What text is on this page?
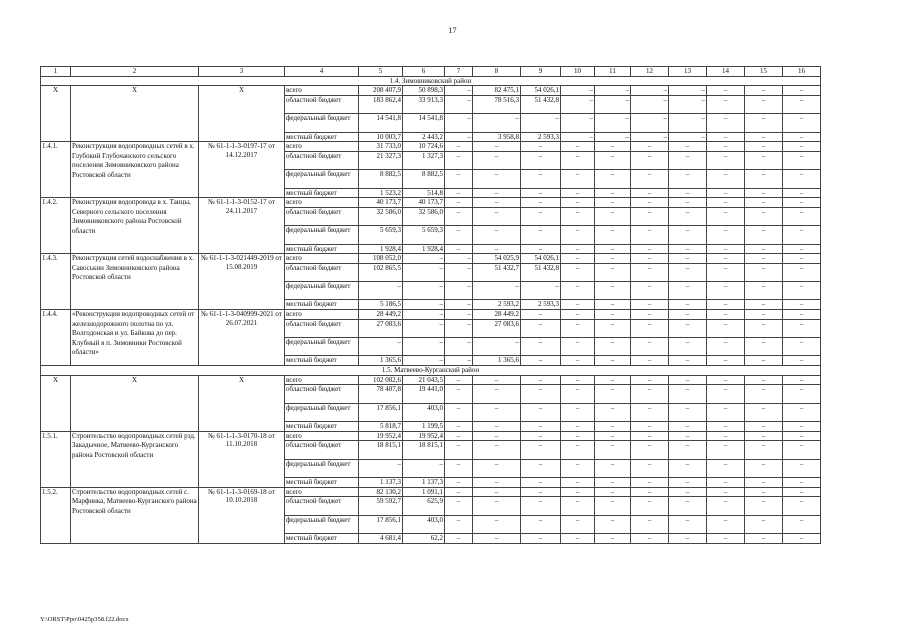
17
1	2	3	4	5	6	7	8	9	10	11	12	13	14	15	16
1.4. Зимовниковский район															
Х	Х	Х	всего	208 407,9	50 898,3	–	82 475,1	54 026,1	–	–	–	–	–	–	–
			областной бюджет	183 862,4	33 913,3	–	78 516,3	51 432,8	–	–	–	–	–	–	–
			федеральный бюджет	14 541,8	14 541,8	–	–	–	–	–	–	–	–	–	–
			местный бюджет	10 003,7	2 443,2	–	3 958,8	2 593,3	–	–	–	–	–	–	–
1.4.1.	Реконструкция водопроводных сетей в х. Глубокий Глубочанского сельского поселения Зимовниковского района Ростовской области	№ 61-1-1-3-0197-17 от 14.12.2017	всего	31 733,0	10 724,6	–	–	–	–	–	–	–	–	–	–
			областной бюджет	21 327,3	1 327,3	–	–	–	–	–	–	–	–	–	–
			федеральный бюджет	8 882,5	8 882,5	–	–	–	–	–	–	–	–	–	–
			местный бюджет	1 523,2	514,8	–	–	–	–	–	–	–	–	–	–
1.4.2.	Реконструкция водопровода в х. Танцы, Северного сельского поселения Зимовниковского района Ростовской области	№ 61-1-1-3-0152-17 от 24.11.2017	всего	40 173,7	40 173,7	–	–	–	–	–	–	–	–	–	–
			областной бюджет	32 586,0	32 586,0	–	–	–	–	–	–	–	–	–	–
			федеральный бюджет	5 659,3	5 659,3	–	–	–	–	–	–	–	–	–	–
			местный бюджет	1 928,4	1 928,4	–	–	–	–	–	–	–	–	–	–
1.4.3.	Реконструкция сетей водоснабжения в х. Савоськин Зимовниковского района Ростовской области	№ 61-1-1-3-021449-2019 от 15.08.2019	всего	108 052,0	–	–	54 025,9	54 026,1	–	–	–	–	–	–	–
			областной бюджет	102 865,5	–	–	51 432,7	51 432,8	–	–	–	–	–	–	–
			федеральный бюджет	–	–	–	–	–	–	–	–	–	–	–	–
			местный бюджет	5 186,5	–	–	2 593,2	2 593,3	–	–	–	–	–	–	–
1.4.4.	«Реконструкция водопроводных сетей от железнодорожного полотна по ул. Волгодонская и ул. Байкова до пер. Клубный в п. Зимовники Ростовской области»	№ 61-1-1-3-040999-2021 от 26.07.2021	всего	28 449,2	–	–	28 449,2	–	–	–	–	–	–	–	–
			областной бюджет	27 083,6	–	–	27 083,6	–	–	–	–	–	–	–	–
			федеральный бюджет	–	–	–	–	–	–	–	–	–	–	–	–
			местный бюджет	1 365,6	–	–	1 365,6	–	–	–	–	–	–	–	–
1.5. Матвеево-Курганский район															
Х	Х	Х	всего	102 082,6	21 043,5	–	–	–	–	–	–	–	–	–	–
			областной бюджет	78 407,8	19 441,0	–	–	–	–	–	–	–	–	–	–
			федеральный бюджет	17 856,1	403,0	–	–	–	–	–	–	–	–	–	–
			местный бюджет	5 818,7	1 199,5	–	–	–	–	–	–	–	–	–	–
1.5.1.	Строительство водопроводных сетей рзд. Закадычное, Матвеево-Курганского района Ростовской области	№ 61-1-1-3-0170-18 от 11.10.2018	всего	19 952,4	19 952,4	–	–	–	–	–	–	–	–	–	–
			областной бюджет	18 815,1	18 815,1	–	–	–	–	–	–	–	–	–	–
			федеральный бюджет	–	–	–	–	–	–	–	–	–	–	–	–
			местный бюджет	1 137,3	1 137,3	–	–	–	–	–	–	–	–	–	–
1.5.2.	Строительство водопроводных сетей с. Марфинка, Матвеево-Курганского района Ростовской области	№ 61-1-1-3-0169-18 от 10.10.2018	всего	82 130,2	1 091,1	–	–	–	–	–	–	–	–	–	–
			областной бюджет	59 592,7	625,9	–	–	–	–	–	–	–	–	–	–
			федеральный бюджет	17 856,1	403,0	–	–	–	–	–	–	–	–	–	–
			местный бюджет	4 681,4	62,2	–	–	–	–	–	–	–	–	–	–
Y:\ORST\Ppo\0425p358.f22.docx
